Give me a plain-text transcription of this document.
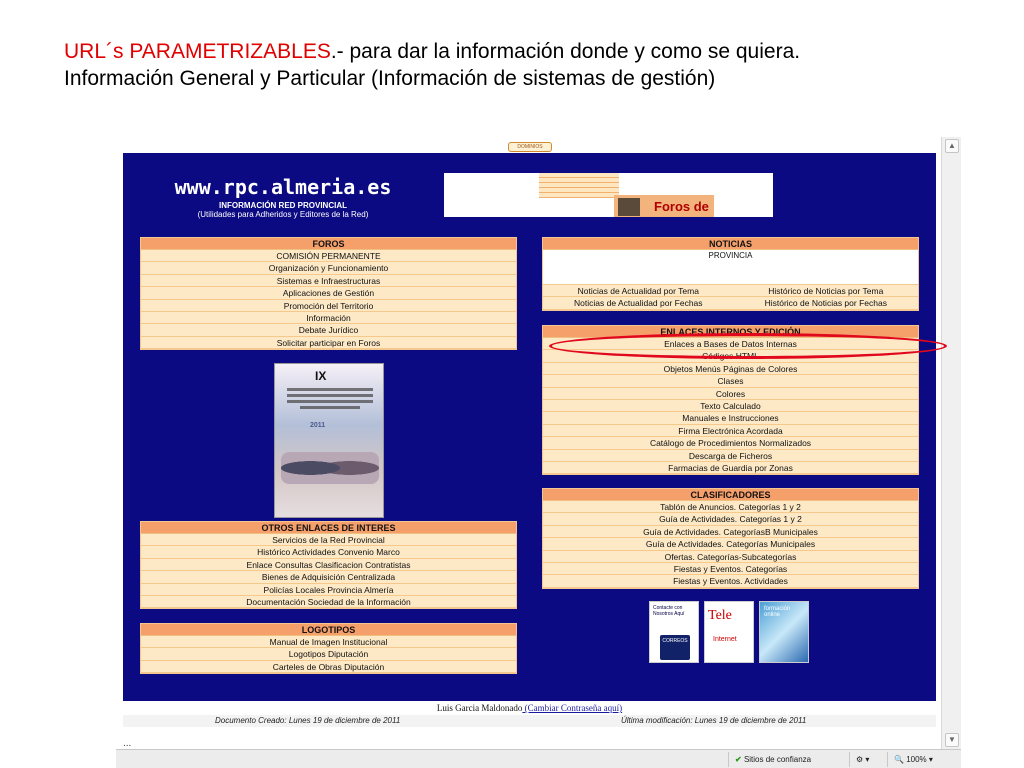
URL´s PARAMETRIZABLES.- para dar la información donde y como se quiera.
Información General y Particular (Información de sistemas de gestión)
DOMINIOS	▲
▼
www.rpc.almeria.es
INFORMACIÓN RED PROVINCIAL
(Utilidades para Adheridos y Editores de la Red)
Foros de
FOROS
COMISIÓN PERMANENTE
Organización y Funcionamiento
Sistemas e Infraestructuras
Aplicaciones de Gestión
Promoción del Territorio
Información
Debate Jurídico
Solicitar participar en Foros
IX
2011
OTROS ENLACES DE INTERES
Servicios de la Red Provincial
Histórico Actividades Convenio Marco
Enlace Consultas Clasificacion Contratistas
Bienes de Adquisición Centralizada
Policías Locales Provincia Almería
Documentación Sociedad de la Información
LOGOTIPOS
Manual de Imagen Institucional
Logotipos Diputación
Carteles de Obras Diputación
NOTICIAS
PROVINCIA
Noticias de Actualidad por Tema	Histórico de Noticias por Tema
Noticias de Actualidad por Fechas	Histórico de Noticias por Fechas
ENLACES INTERNOS Y EDICIÓN
Enlaces a Bases de Datos Internas
Códigos HTML
Objetos Menús Páginas de Colores
Clases
Colores
Texto Calculado
Manuales e Instrucciones
Firma Electrónica Acordada
Catálogo de Procedimientos Normalizados
Descarga de Ficheros
Farmacias de Guardia por Zonas
CLASIFICADORES
Tablón de Anuncios. Categorías 1 y 2
Guía de Actividades. Categorías 1 y 2
Guía de Actividades. CategoríasB Municipales
Guía de Actividades. Categorías Municipales
Ofertas. Categorías-Subcategorías
Fiestas y Eventos. Categorías
Fiestas y Eventos. Actividades
Contacte con Nosotros Aquí
CORREOS
Tele
Internet
formación online
Luis Garcia Maldonado (Cambiar Contraseña aquí)
Documento Creado: Lunes 19 de diciembre de 2011	Última modificación: Lunes 19 de diciembre de 2011
...
✔ Sitios de confianza	⚙ ▾	🔍 100% ▾
